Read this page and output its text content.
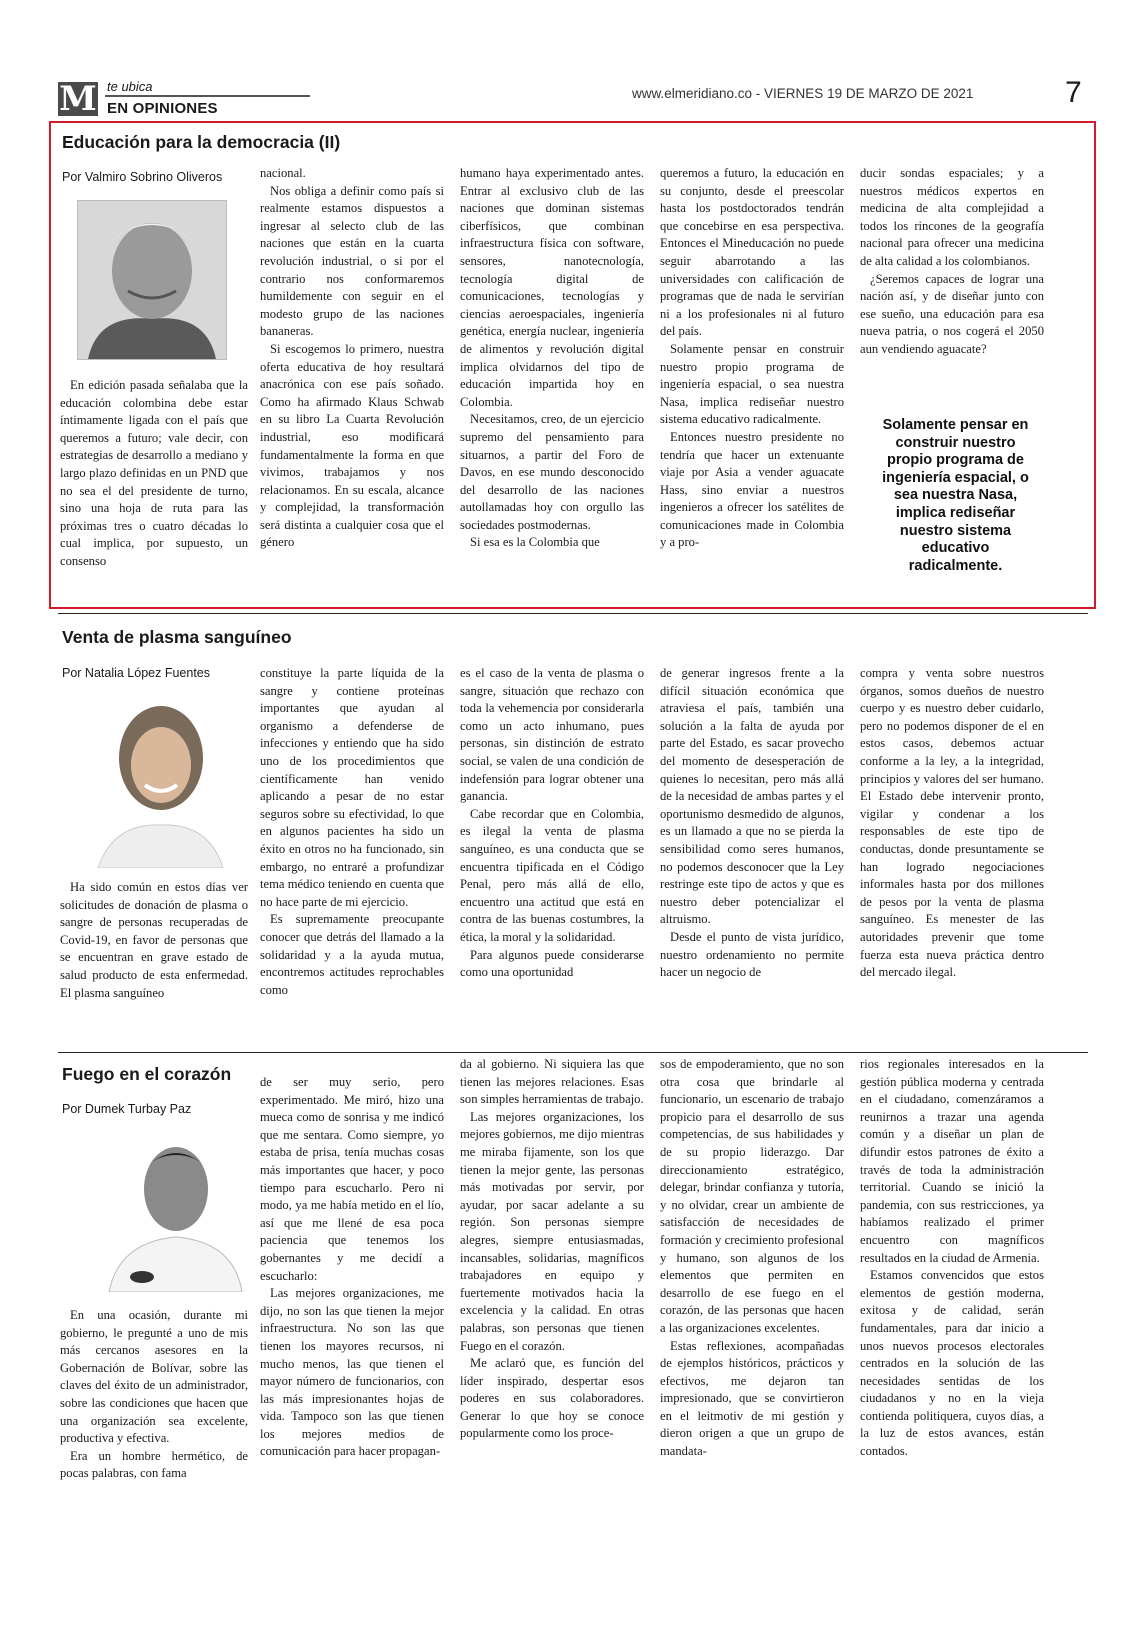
M te ubica
EN OPINIONES
www.elmeridiano.co - VIERNES 19 DE MARZO DE 2021	7
Educación para la democracia (II)
Por Valmiro Sobrino Oliveros

En edición pasada señalaba que la educación colombina debe estar íntimamente ligada con el país que queremos a futuro; vale decir, con estrategias de desarrollo a mediano y largo plazo definidas en un PND que no sea el del presidente de turno, sino una hoja de ruta para las próximas tres o cuatro décadas lo cual implica, por supuesto, un consenso

nacional.

Nos obliga a definir como país si realmente estamos dispuestos a ingresar al selecto club de las naciones que están en la cuarta revolución industrial, o si por el contrario nos conformaremos humildemente con seguir en el modesto grupo de las naciones bananeras.

Si escogemos lo primero, nuestra oferta educativa de hoy resultará anacrónica con ese país soñado. Como ha afirmado Klaus Schwab en su libro La Cuarta Revolución industrial, eso modificará fundamentalmente la forma en que vivimos, trabajamos y nos relacionamos. En su escala, alcance y complejidad, la transformación será distinta a cualquier cosa que el género

humano haya experimentado antes. Entrar al exclusivo club de las naciones que dominan sistemas ciberfísicos, que combinan infraestructura física con software, sensores, nanotecnología, tecnología digital de comunicaciones, tecnologías y ciencias aeroespaciales, ingeniería genética, energía nuclear, ingeniería de alimentos y revolución digital implica olvidarnos del tipo de educación impartida hoy en Colombia.

Necesitamos, creo, de un ejercicio supremo del pensamiento para situarnos, a partir del Foro de Davos, en ese mundo desconocido del desarrollo de las naciones autollamadas hoy con orgullo las sociedades postmodernas.

Si esa es la Colombia que

queremos a futuro, la educación en su conjunto, desde el preescolar hasta los postdoctorados tendrán que concebirse en esa perspectiva. Entonces el Mineducación no puede seguir abarrotando a las universidades con calificación de programas que de nada le servirían ni a los profesionales ni al futuro del país.

Solamente pensar en construir nuestro propio programa de ingeniería espacial, o sea nuestra Nasa, implica rediseñar nuestro sistema educativo radicalmente.

Entonces nuestro presidente no tendría que hacer un extenuante viaje por Asia a vender aguacate Hass, sino enviar a nuestros ingenieros a ofrecer los satélites de comunicaciones made in Colombia y a pro-

ducir sondas espaciales; y a nuestros médicos expertos en medicina de alta complejidad a todos los rincones de la geografía nacional para ofrecer una medicina de alta calidad a los colombianos.

¿Seremos capaces de lograr una nación así, y de diseñar junto con ese sueño, una educación para esa nueva patria, o nos cogerá el 2050 aun vendiendo aguacate?

Solamente pensar en construir nuestro propio programa de ingeniería espacial, o sea nuestra Nasa, implica rediseñar nuestro sistema educativo radicalmente.
Venta de plasma sanguíneo
Por Natalia López Fuentes

Ha sido común en estos días ver solicitudes de donación de plasma o sangre de personas recuperadas de Covid-19, en favor de personas que se encuentran en grave estado de salud producto de esta enfermedad. El plasma sanguíneo

constituye la parte líquida de la sangre y contiene proteínas importantes que ayudan al organismo a defenderse de infecciones y entiendo que ha sido uno de los procedimientos que científicamente han venido aplicando a pesar de no estar seguros sobre su efectividad, lo que en algunos pacientes ha sido un éxito en otros no ha funcionado, sin embargo, no entraré a profundizar tema médico teniendo en cuenta que no hace parte de mi ejercicio.

Es supremamente preocupante conocer que detrás del llamado a la solidaridad y a la ayuda mutua, encontremos actitudes reprochables como

es el caso de la venta de plasma o sangre, situación que rechazo con toda la vehemencia por considerarla como un acto inhumano, pues personas, sin distinción de estrato social, se valen de una condición de indefensión para lograr obtener una ganancia.

Cabe recordar que en Colombia, es ilegal la venta de plasma sanguíneo, es una conducta que se encuentra tipificada en el Código Penal, pero más allá de ello, encuentro una actitud que está en contra de las buenas costumbres, la ética, la moral y la solidaridad.

Para algunos puede considerarse como una oportunidad

de generar ingresos frente a la difícil situación económica que atraviesa el país, también una solución a la falta de ayuda por parte del Estado, es sacar provecho del momento de desesperación de quienes lo necesitan, pero más allá de la necesidad de ambas partes y el oportunismo desmedido de algunos, es un llamado a que no se pierda la sensibilidad como seres humanos, no podemos desconocer que la Ley restringe este tipo de actos y que es nuestro deber potencializar el altruismo.

Desde el punto de vista jurídico, nuestro ordenamiento no permite hacer un negocio de

compra y venta sobre nuestros órganos, somos dueños de nuestro cuerpo y es nuestro deber cuidarlo, pero no podemos disponer de el en estos casos, debemos actuar conforme a la ley, a la integridad, principios y valores del ser humano. El Estado debe intervenir pronto, vigilar y condenar a los responsables de este tipo de conductas, donde presuntamente se han logrado negociaciones informales hasta por dos millones de pesos por la venta de plasma sanguíneo. Es menester de las autoridades prevenir que tome fuerza esta nueva práctica dentro del mercado ilegal.

Fuego en el corazón
Por Dumek Turbay Paz

En una ocasión, durante mi gobierno, le pregunté a uno de mis más cercanos asesores en la Gobernación de Bolívar, sobre las claves del éxito de un administrador, sobre las condiciones que hacen que una organización sea excelente, productiva y efectiva.

Era un hombre hermético, de pocas palabras, con fama

de ser muy serio, pero experimentado. Me miró, hizo una mueca como de sonrisa y me indicó que me sentara. Como siempre, yo estaba de prisa, tenía muchas cosas más importantes que hacer, y poco tiempo para escucharlo. Pero ni modo, ya me había metido en el lío, así que me llené de esa poca paciencia que tenemos los gobernantes y me decidí a escucharlo:

Las mejores organizaciones, me dijo, no son las que tienen la mejor infraestructura. No son las que tienen los mayores recursos, ni mucho menos, las que tienen el mayor número de funcionarios, con las más impresionantes hojas de vida. Tampoco son las que tienen los mejores medios de comunicación para hacer propagan-

da al gobierno. Ni siquiera las que tienen las mejores relaciones. Esas son simples herramientas de trabajo.

Las mejores organizaciones, los mejores gobiernos, me dijo mientras me miraba fijamente, son los que tienen la mejor gente, las personas más motivadas por servir, por ayudar, por sacar adelante a su región. Son personas siempre alegres, siempre entusiasmadas, incansables, solidarias, magníficos trabajadores en equipo y fuertemente motivados hacia la excelencia y la calidad. En otras palabras, son personas que tienen Fuego en el corazón.

Me aclaró que, es función del líder inspirado, despertar esos poderes en sus colaboradores. Generar lo que hoy se conoce popularmente como los proce-

sos de empoderamiento, que no son otra cosa que brindarle al funcionario, un escenario de trabajo propicio para el desarrollo de sus competencias, de sus habilidades y de su propio liderazgo. Dar direccionamiento estratégico, delegar, brindar confianza y tutoría, y no olvidar, crear un ambiente de satisfacción de necesidades de formación y crecimiento profesional y humano, son algunos de los elementos que permiten en desarrollo de ese fuego en el corazón, de las personas que hacen a las organizaciones excelentes.

Estas reflexiones, acompañadas de ejemplos históricos, prácticos y efectivos, me dejaron tan impresionado, que se convirtieron en el leitmotiv de mi gestión y dieron origen a que un grupo de mandata-

rios regionales interesados en la gestión pública moderna y centrada en el ciudadano, comenzáramos a reunirnos a trazar una agenda común y a diseñar un plan de difundir estos patrones de éxito a través de toda la administración territorial. Cuando se inició la pandemia, con sus restricciones, ya habíamos realizado el primer encuentro con magníficos resultados en la ciudad de Armenia.

Estamos convencidos que estos elementos de gestión moderna, exitosa y de calidad, serán fundamentales, para dar inicio a unos nuevos procesos electorales centrados en la solución de las necesidades sentidas de los ciudadanos y no en la vieja contienda politiquera, cuyos días, a la luz de estos avances, están contados.
